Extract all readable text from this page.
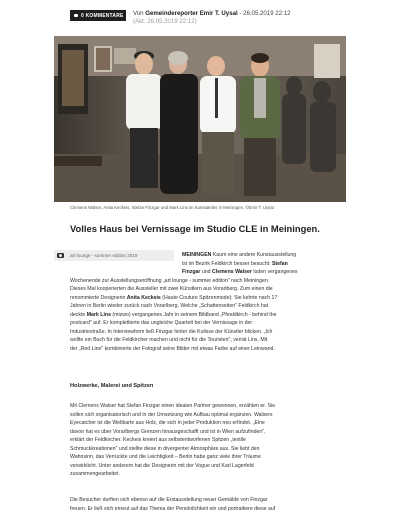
0 KOMMENTARE Von Gemeindereporter Emir T. Uysal - 26.05.2019 22:12
(Akt. 26.05.2019 22:12)
Clemens Walser, Anita Keckeis, Stefan Finzgar und Mark Lins im Kunstateller in Meiningen. ©Emir T. Uysal
Volles Haus bei Vernissage im Studio CLE in Meiningen.
art lounge - summer edition 2019	MEININGEN Kaum eine andere Kunstausstellung
ist im Bezirk Feldkirch besser besucht: Stefan
Finzgar und Clemens Walser luden vergangenes
Wochenende zur Ausstellungseröffnung „art lounge - summer edition" nach Meiningen.
Dieses Mal kooperierten die Aussteller mit zwei Künstlern aus Vorarlberg. Zum einen die
renommierte Designerin Anita Keckeis (Haute Couture Spitzenmode): Sie kehrte nach 17
Jahren in Berlin wieder zurück nach Vorarlberg. Welche „Schattenseiten" Feldkirch hat
deckte Mark Lins (mizwo) vergangenes Jahr in seinem Bildband „Pfealdkirch - behind the
postcard" auf. Er komplettierte das ungleiche Quartett bei der Vernissage in der
Industriestraße. In Interviewform ließ Finzgar hinter die Kulisse der Künstler blicken. „Ich
wollte ein Buch für die Feldkircher machen und nicht für die Touristen", verrät Lins. Mit
der „Red Line" kombinierte der Fotograf seine Bilder mit etwas Farbe auf einer Leinwand.
Holzwerke, Malerei und Spitzen
Mit Clemens Walser hat Stefan Finzgar einen idealen Partner gewonnen, erzählen er. Sie
sollen sich organisatorisch und in der Umsetzung wie Aufbau optimal ergänzen. Walsers
Eyecatcher ist die Weltkarte aus Holz, die sich in jeder Produktion neu erfindet. „Eine
davon hat es über Vorarlbergs Grenzen hinausgeschafft und ist in Wien aufzufinden",
erklärt der Feldkircher. Keckeis kreiert aus selbstentworfenen Spitzen „textile
Schmuckkreationen" und stellte diese in divergenter Atmosphäre aus. Sie liebt den
Wahnsinn, das Verrückte und die Leichtigkeit – Berlin habe ganz viele ihrer Träume
verwirklicht. Unter anderem hat die Designerin mit der Vogue und Karl Lagerfeld
zusammengearbeitet.
Die Besucher durften sich ebenso auf die Erstausstellung neuer Gemälde von Finzgar
freuen. Er ließ sich erneut auf das Thema der Persönlichkeit ein und portraitiere diese auf
